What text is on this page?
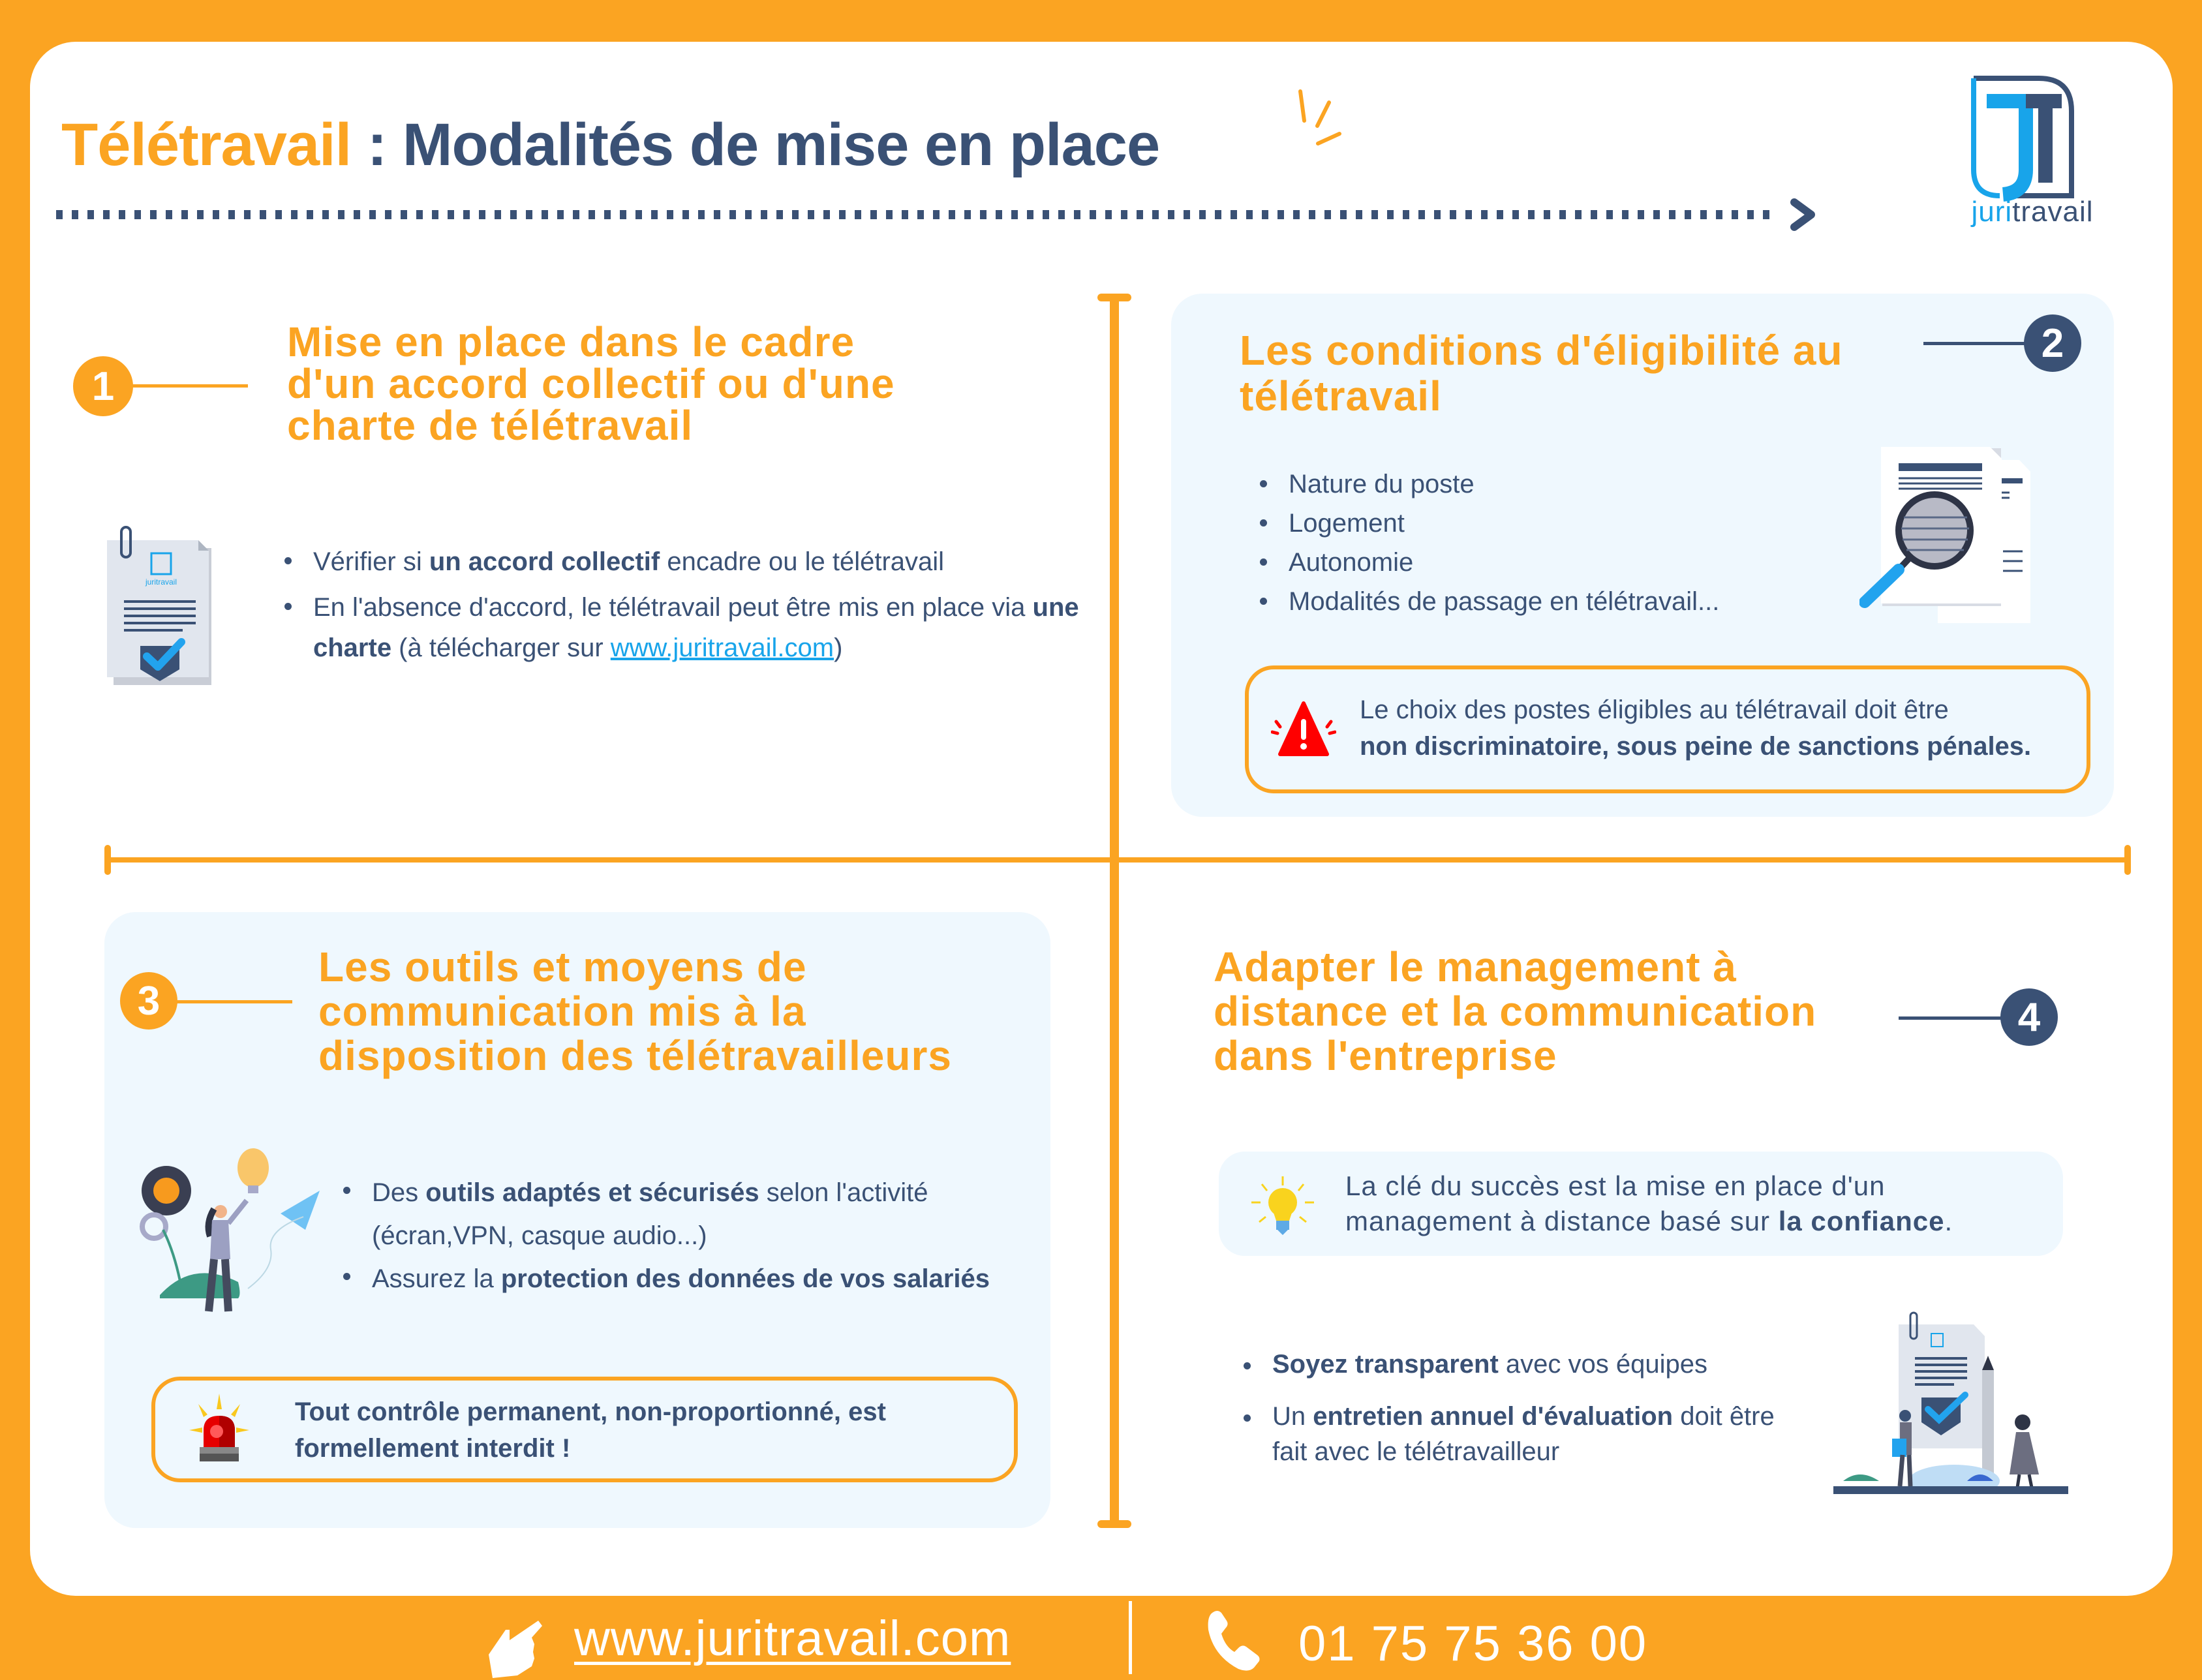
Télétravail : Modalités de mise en place
juritravail
1
Mise en place dans le cadre
d'un accord collectif ou d'une
charte de télétravail
juritravail
Vérifier si un accord collectif encadre ou le télétravail
En l'absence d'accord, le télétravail peut être mis en place via une charte (à télécharger sur www.juritravail.com)
Les conditions d'éligibilité au
télétravail
2
Nature du poste
Logement
Autonomie
Modalités de passage en télétravail...
Le choix des postes éligibles au télétravail doit être
non discriminatoire, sous peine de sanctions pénales.
3
Les outils et moyens de
communication mis à la
disposition des télétravailleurs
Des outils adaptés et sécurisés selon l'activité (écran,VPN, casque audio...)
Assurez la protection des données de vos salariés
Tout contrôle permanent, non-proportionné, est formellement interdit !
Adapter le management à
distance et la communication
dans l'entreprise
4
La clé du succès est la mise en place d'un management à distance basé sur la confiance.
Soyez transparent avec vos équipes
Un entretien annuel d'évaluation doit être fait avec le télétravailleur
www.juritravail.com	01 75 75 36 00
